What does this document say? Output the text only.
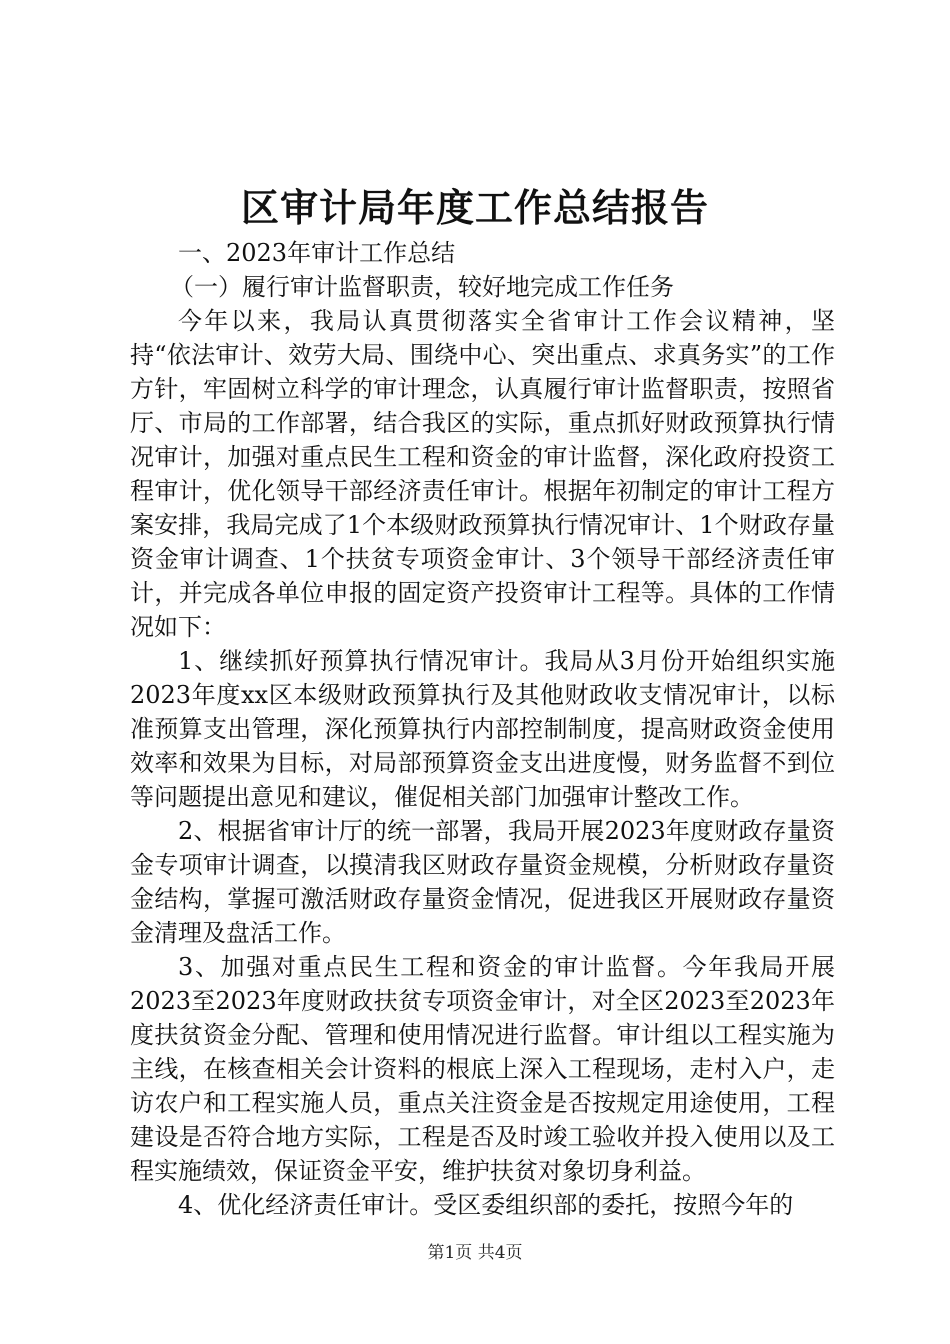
区审计局年度工作总结报告

一、2023年审计工作总结

（一）履行审计监督职责，较好地完成工作任务

今年以来，我局认真贯彻落实全省审计工作会议精神，坚持“依法审计、效劳大局、围绕中心、突出重点、求真务实”的工作方针，牢固树立科学的审计理念，认真履行审计监督职责，按照省厅、市局的工作部署，结合我区的实际，重点抓好财政预算执行情况审计，加强对重点民生工程和资金的审计监督，深化政府投资工程审计，优化领导干部经济责任审计。根据年初制定的审计工程方案安排，我局完成了1个本级财政预算执行情况审计、1个财政存量资金审计调查、1个扶贫专项资金审计、3个领导干部经济责任审计，并完成各单位申报的固定资产投资审计工程等。具体的工作情况如下：

1、继续抓好预算执行情况审计。我局从3月份开始组织实施2023年度xx区本级财政预算执行及其他财政收支情况审计，以标准预算支出管理，深化预算执行内部控制制度，提高财政资金使用效率和效果为目标，对局部预算资金支出进度慢，财务监督不到位等问题提出意见和建议，催促相关部门加强审计整改工作。

2、根据省审计厅的统一部署，我局开展2023年度财政存量资金专项审计调查，以摸清我区财政存量资金规模，分析财政存量资金结构，掌握可激活财政存量资金情况，促进我区开展财政存量资金清理及盘活工作。

3、加强对重点民生工程和资金的审计监督。今年我局开展2023至2023年度财政扶贫专项资金审计，对全区2023至2023年度扶贫资金分配、管理和使用情况进行监督。审计组以工程实施为主线，在核查相关会计资料的根底上深入工程现场，走村入户，走访农户和工程实施人员，重点关注资金是否按规定用途使用，工程建设是否符合地方实际，工程是否及时竣工验收并投入使用以及工程实施绩效，保证资金平安，维护扶贫对象切身利益。

4、优化经济责任审计。受区委组织部的委托，按照今年的

第1页 共4页
